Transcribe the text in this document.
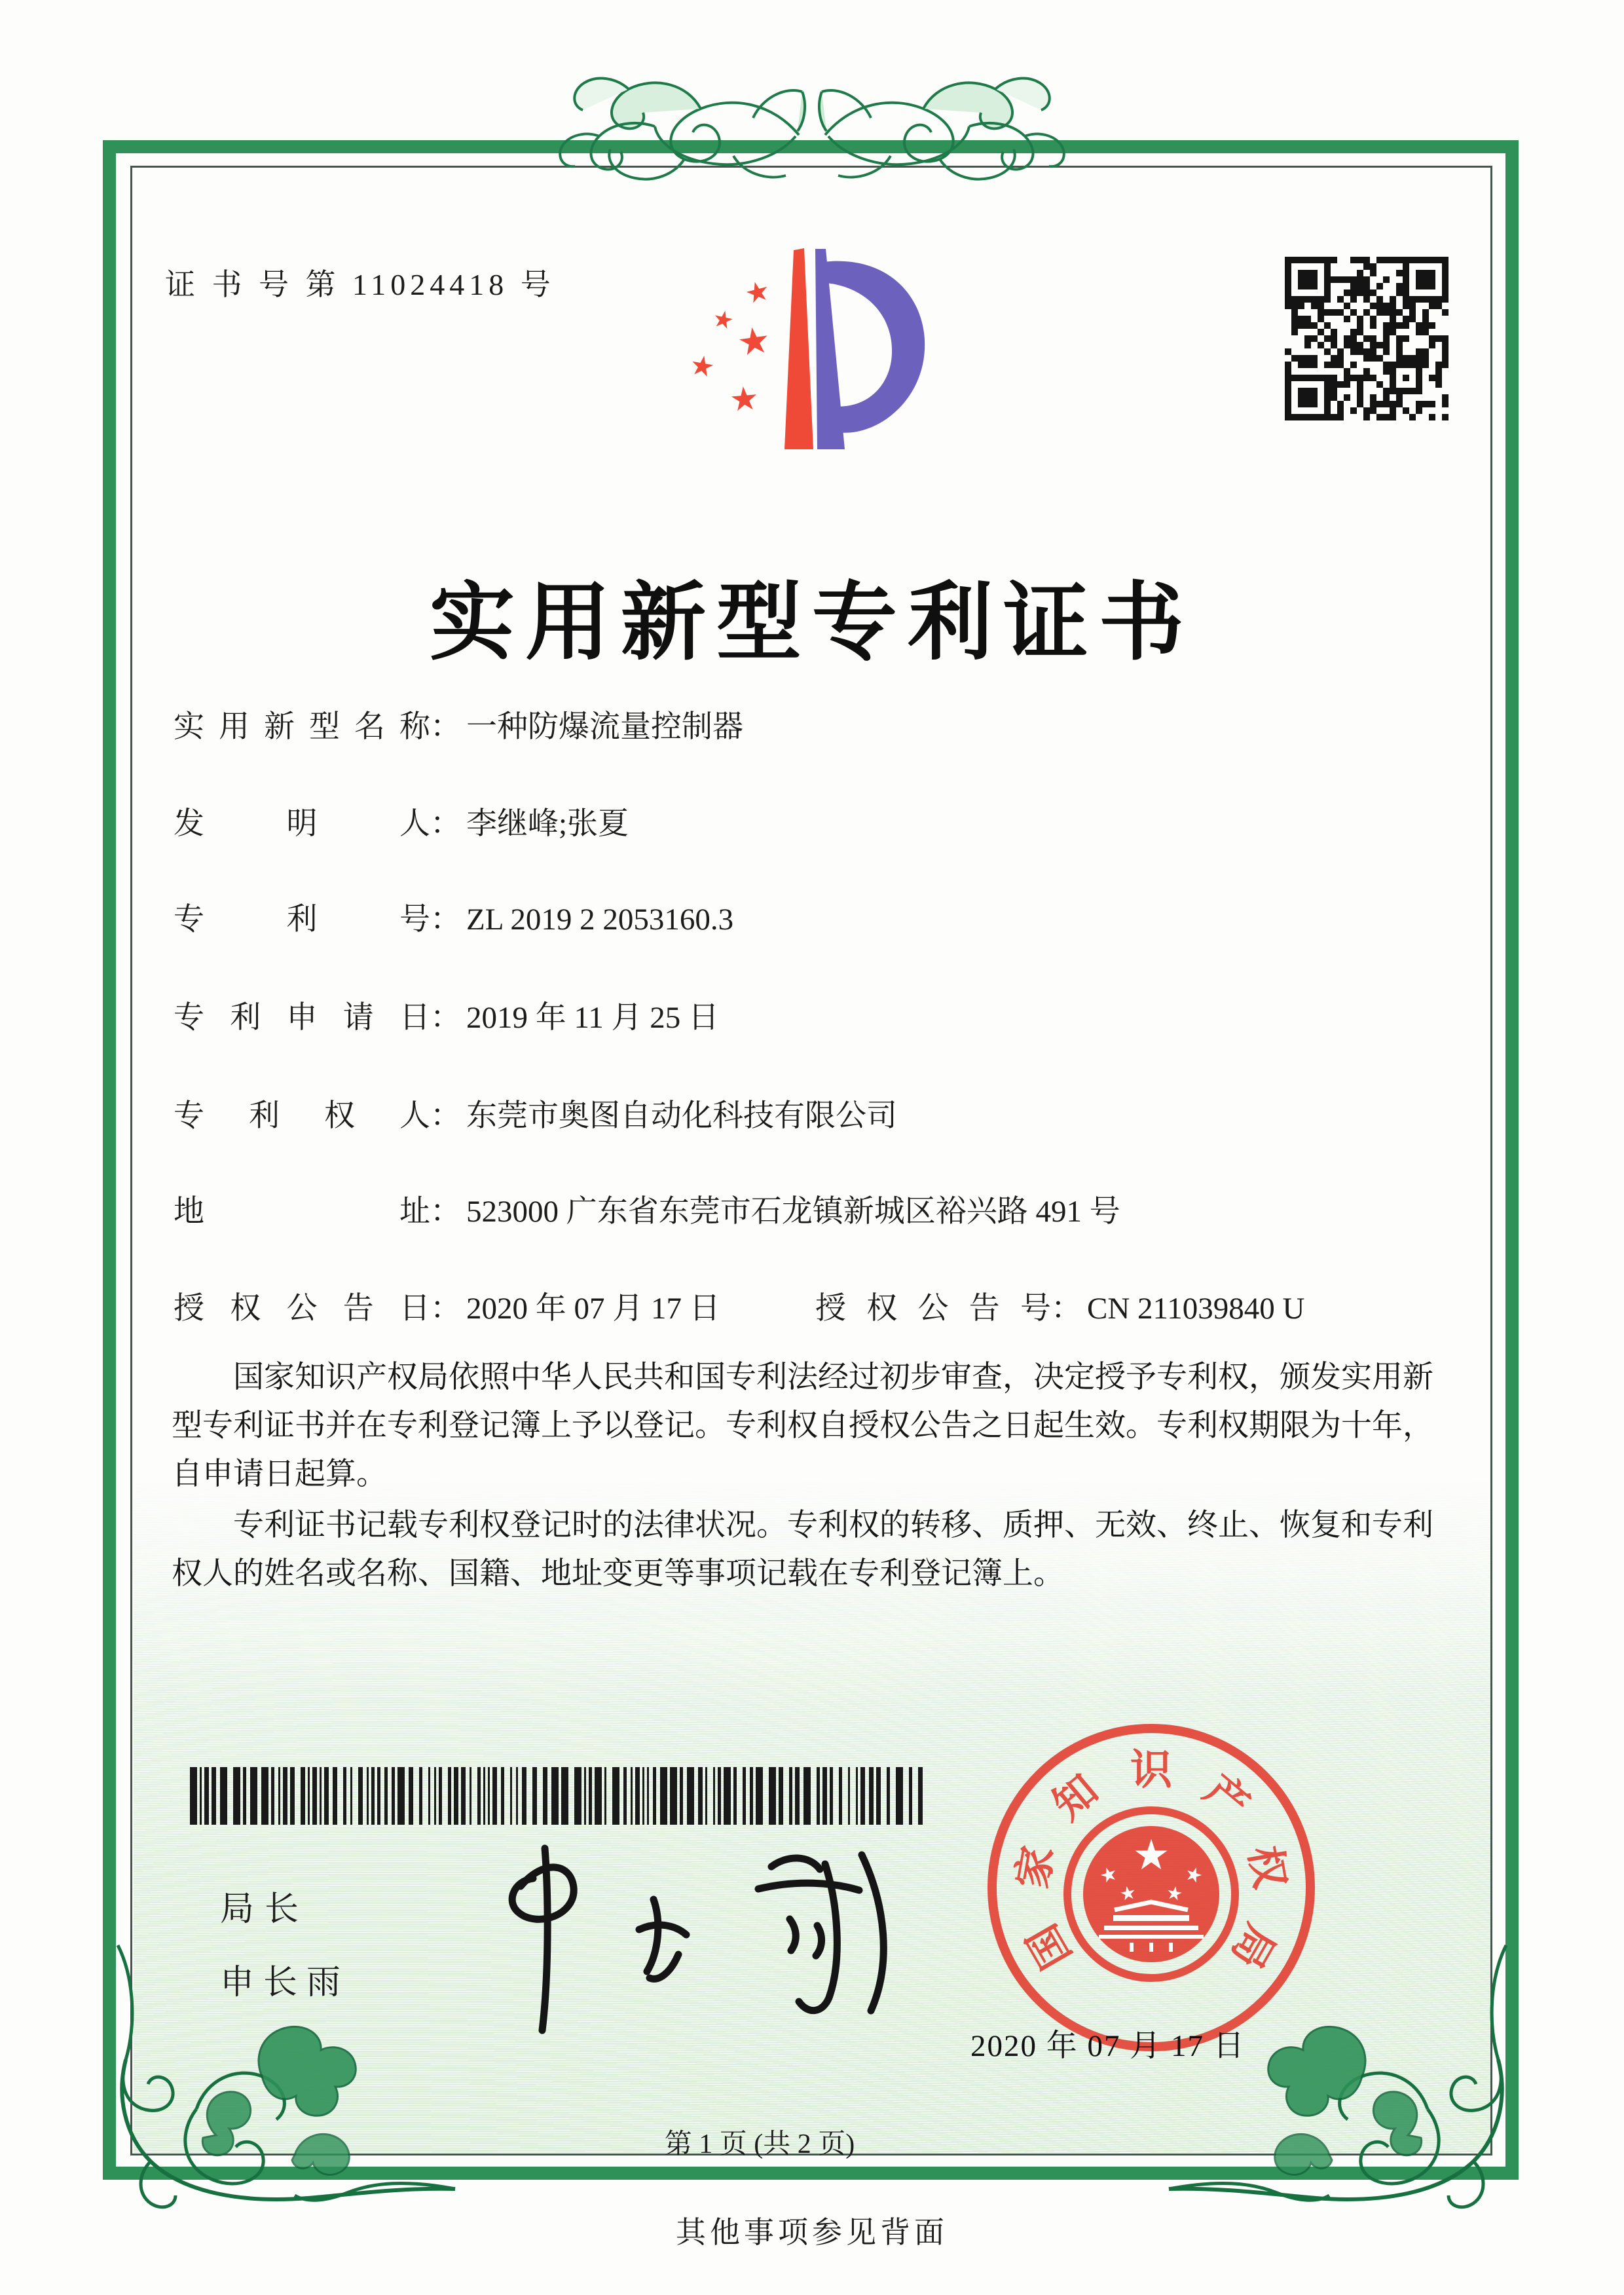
证 书 号 第 11024418 号	★
★
★
★
★
实用新型专利证书
实用新型名称： 一种防爆流量控制器
发明人： 李继峰;张夏
专利号： ZL 2019 2 2053160.3
专利申请日： 2019 年 11 月 25 日
专利权人： 东莞市奥图自动化科技有限公司
地址： 523000 广东省东莞市石龙镇新城区裕兴路 491 号
授权公告日： 2020 年 07 月 17 日	授权公告号： CN 211039840 U

国家知识产权局依照中华人民共和国专利法经过初步审查，决定授予专利权，颁发实用新型专利证书并在专利登记簿上予以登记。专利权自授权公告之日起生效。专利权期限为十年，自申请日起算。

专利证书记载专利权登记时的法律状况。专利权的转移、质押、无效、终止、恢复和专利权人的姓名或名称、国籍、地址变更等事项记载在专利登记簿上。

局长
申长雨
国
家
知 识 产
权
局
★
★	★
★ ★
2020 年 07 月 17 日
第 1 页 (共 2 页)
其他事项参见背面
